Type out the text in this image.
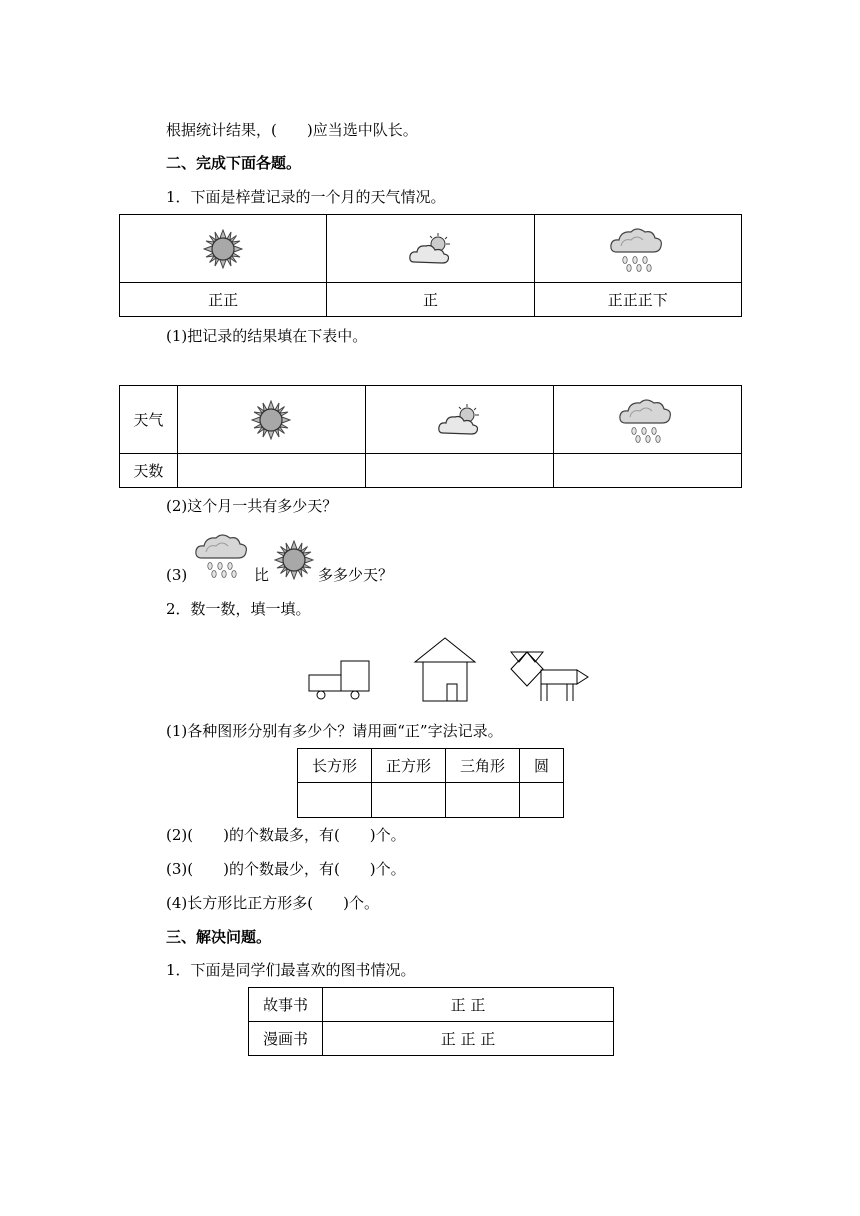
根据统计结果，(　　)应当选中队长。
二、完成下面各题。
1．下面是梓萱记录的一个月的天气情况。

正正	正	正正正下
(1)把记录的结果填在下表中。
天气			
天数			
(2)这个月一共有多少天？
(3)	比	多多少天？
2．数一数，填一填。
(1)各种图形分别有多少个？请用画“正”字法记录。
长方形	正方形	三角形	圆

(2)(　　)的个数最多，有(　　)个。
(3)(　　)的个数最少，有(　　)个。
(4)长方形比正方形多(　　)个。
三、解决问题。
1．下面是同学们最喜欢的图书情况。
故事书	正 正
漫画书	正 正 正
